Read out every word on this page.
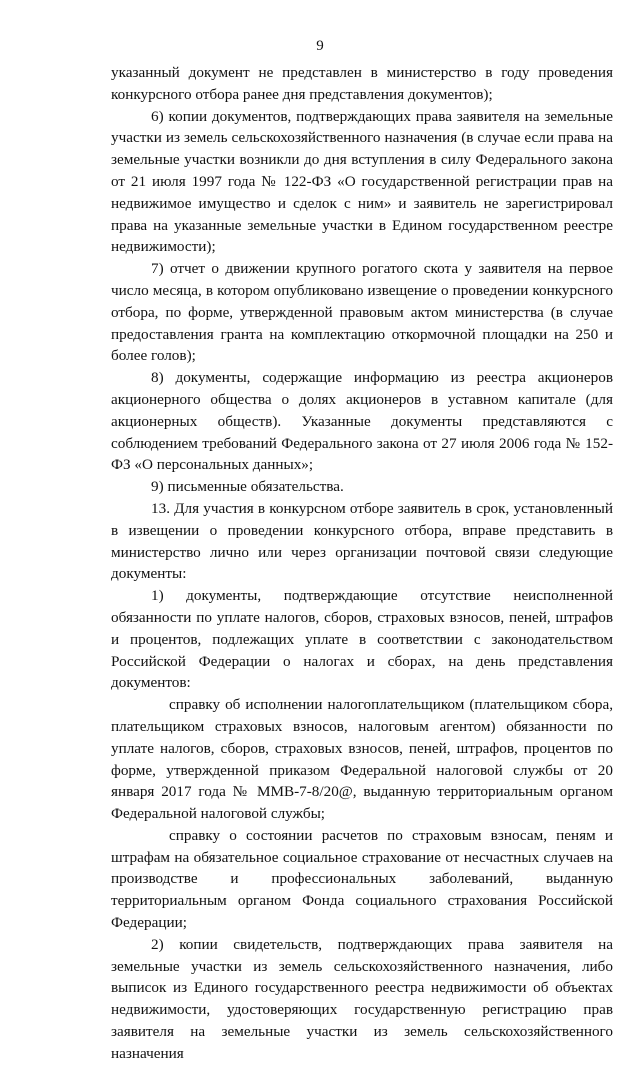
9

указанный документ не представлен в министерство в году проведения конкурсного отбора ранее дня представления документов);

6) копии документов, подтверждающих права заявителя на земельные участки из земель сельскохозяйственного назначения (в случае если права на земельные участки возникли до дня вступления в силу Федерального закона от 21 июля 1997 года № 122-ФЗ «О государственной регистрации прав на недвижимое имущество и сделок с ним» и заявитель не зарегистрировал права на указанные земельные участки в Едином государственном реестре недвижимости);

7) отчет о движении крупного рогатого скота у заявителя на первое число месяца, в котором опубликовано извещение о проведении конкурсного отбора, по форме, утвержденной правовым актом министерства (в случае предоставления гранта на комплектацию откормочной площадки на 250 и более голов);

8) документы, содержащие информацию из реестра акционеров акционерного общества о долях акционеров в уставном капитале (для акционерных обществ). Указанные документы представляются с соблюдением требований Федерального закона от 27 июля 2006 года № 152-ФЗ «О персональных данных»;

9) письменные обязательства.

13. Для участия в конкурсном отборе заявитель в срок, установленный в извещении о проведении конкурсного отбора, вправе представить в министерство лично или через организации почтовой связи следующие документы:

1) документы, подтверждающие отсутствие неисполненной обязанности по уплате налогов, сборов, страховых взносов, пеней, штрафов и процентов, подлежащих уплате в соответствии с законодательством Российской Федерации о налогах и сборах, на день представления документов:

справку об исполнении налогоплательщиком (плательщиком сбора, плательщиком страховых взносов, налоговым агентом) обязанности по уплате налогов, сборов, страховых взносов, пеней, штрафов, процентов по форме, утвержденной приказом Федеральной налоговой службы от 20 января 2017 года № ММВ-7-8/20@, выданную территориальным органом Федеральной налоговой службы;

справку о состоянии расчетов по страховым взносам, пеням и штрафам на обязательное социальное страхование от несчастных случаев на производстве и профессиональных заболеваний, выданную территориальным органом Фонда социального страхования Российской Федерации;

2) копии свидетельств, подтверждающих права заявителя на земельные участки из земель сельскохозяйственного назначения, либо выписок из Единого государственного реестра недвижимости об объектах недвижимости, удостоверяющих государственную регистрацию прав заявителя на земельные участки из земель сельскохозяйственного назначения
